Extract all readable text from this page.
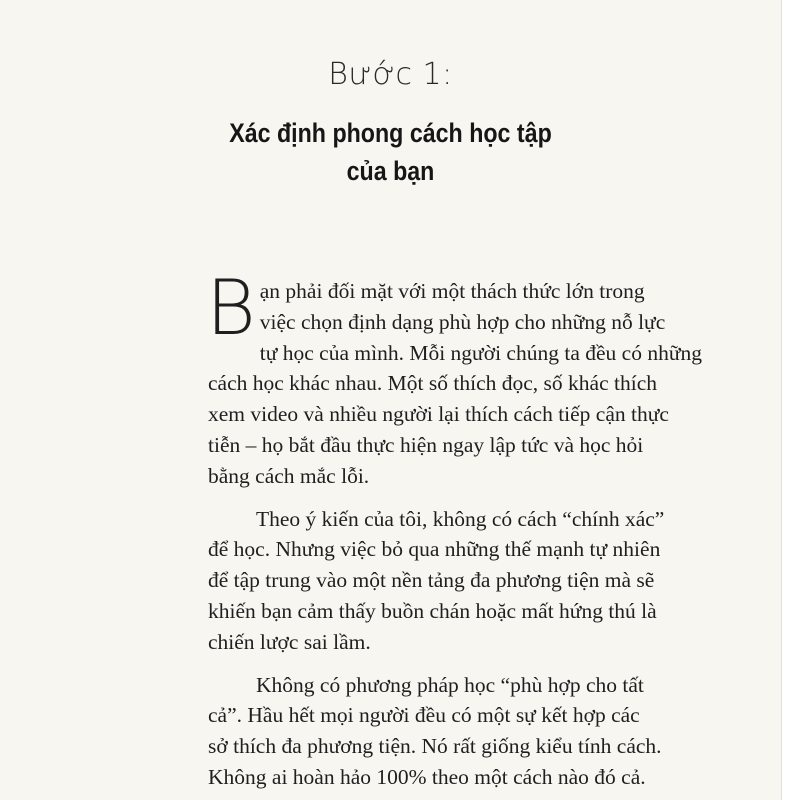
Bước 1:
Xác định phong cách học tập
của bạn

B ạn phải đối mặt với một thách thức lớn trong
việc chọn định dạng phù hợp cho những nỗ lực
tự học của mình. Mỗi người chúng ta đều có những
cách học khác nhau. Một số thích đọc, số khác thích
xem video và nhiều người lại thích cách tiếp cận thực
tiễn – họ bắt đầu thực hiện ngay lập tức và học hỏi
bằng cách mắc lỗi.

Theo ý kiến của tôi, không có cách “chính xác”
để học. Nhưng việc bỏ qua những thế mạnh tự nhiên
để tập trung vào một nền tảng đa phương tiện mà sẽ
khiến bạn cảm thấy buồn chán hoặc mất hứng thú là
chiến lược sai lầm.

Không có phương pháp học “phù hợp cho tất
cả”. Hầu hết mọi người đều có một sự kết hợp các
sở thích đa phương tiện. Nó rất giống kiểu tính cách.
Không ai hoàn hảo 100% theo một cách nào đó cả.
